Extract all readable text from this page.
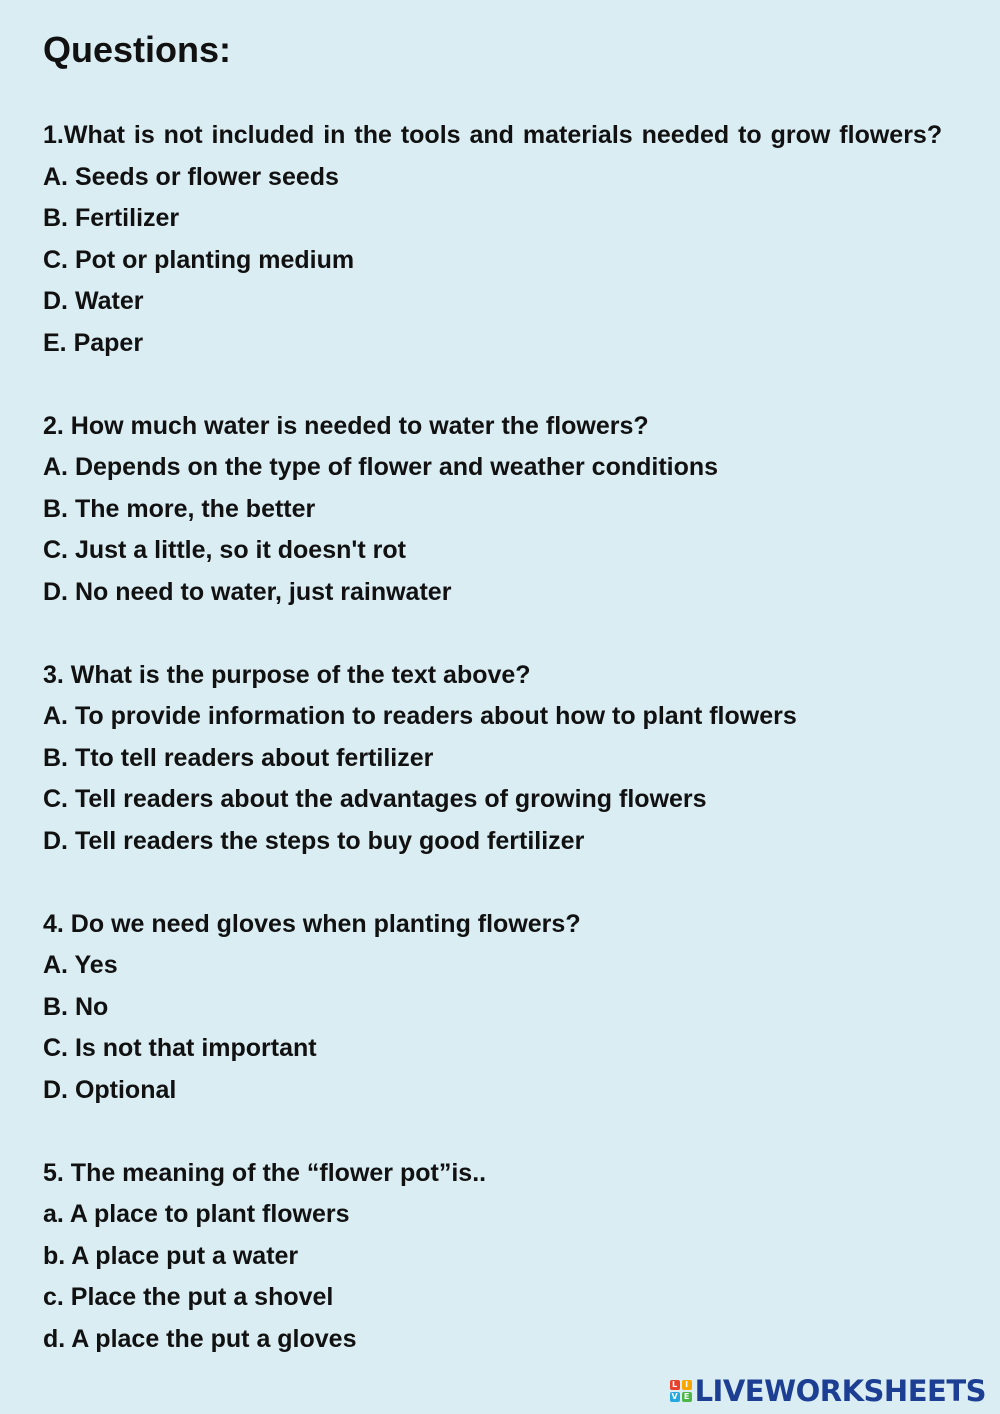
Questions:

1.What is not included in the tools and materials needed to grow flowers?

A. Seeds or flower seeds
B. Fertilizer
C. Pot or planting medium
D. Water
E. Paper

2. How much water is needed to water the flowers?

A. Depends on the type of flower and weather conditions
B. The more, the better
C. Just a little, so it doesn't rot
D. No need to water, just rainwater

3. What is the purpose of the text above?

A. To provide information to readers about how to plant flowers
B. Tto tell readers about fertilizer
C. Tell readers about the advantages of growing flowers
D. Tell readers the steps to buy good fertilizer

4. Do we need gloves when planting flowers?

A. Yes
B. No
C. Is not that important
D. Optional

5. The meaning of the “flower pot”is..

a. A place to plant flowers
b. A place put a water
c. Place the put a shovel
d. A place the put a gloves
L I
V E LIVEWORKSHEETS
